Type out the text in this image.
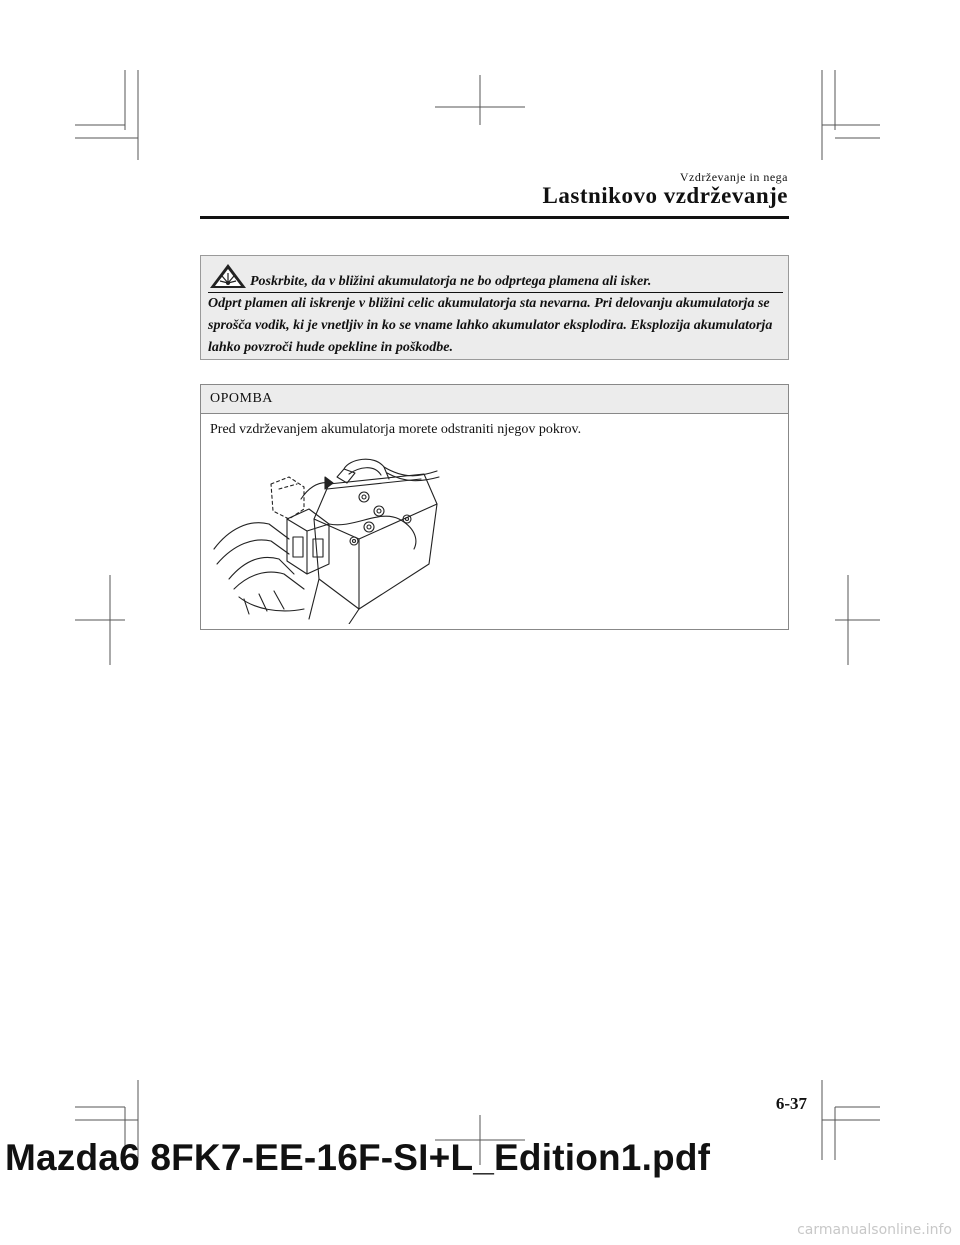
Vzdrževanje in nega
Lastnikovo vzdrževanje
Poskrbite, da v bližini akumulatorja ne bo odprtega plamena ali isker.
Odprt plamen ali iskrenje v bližini celic akumulatorja sta nevarna. Pri delovanju akumulatorja se sprošča vodik, ki je vnetljiv in ko se vname lahko akumulator eksplodira. Eksplozija akumulatorja lahko povzroči hude opekline in poškodbe.
OPOMBA
Pred vzdrževanjem akumulatorja morete odstraniti njegov pokrov.
6-37
Mazda6 8FK7-EE-16F-SI+L_Edition1.pdf
carmanualsonline.info
